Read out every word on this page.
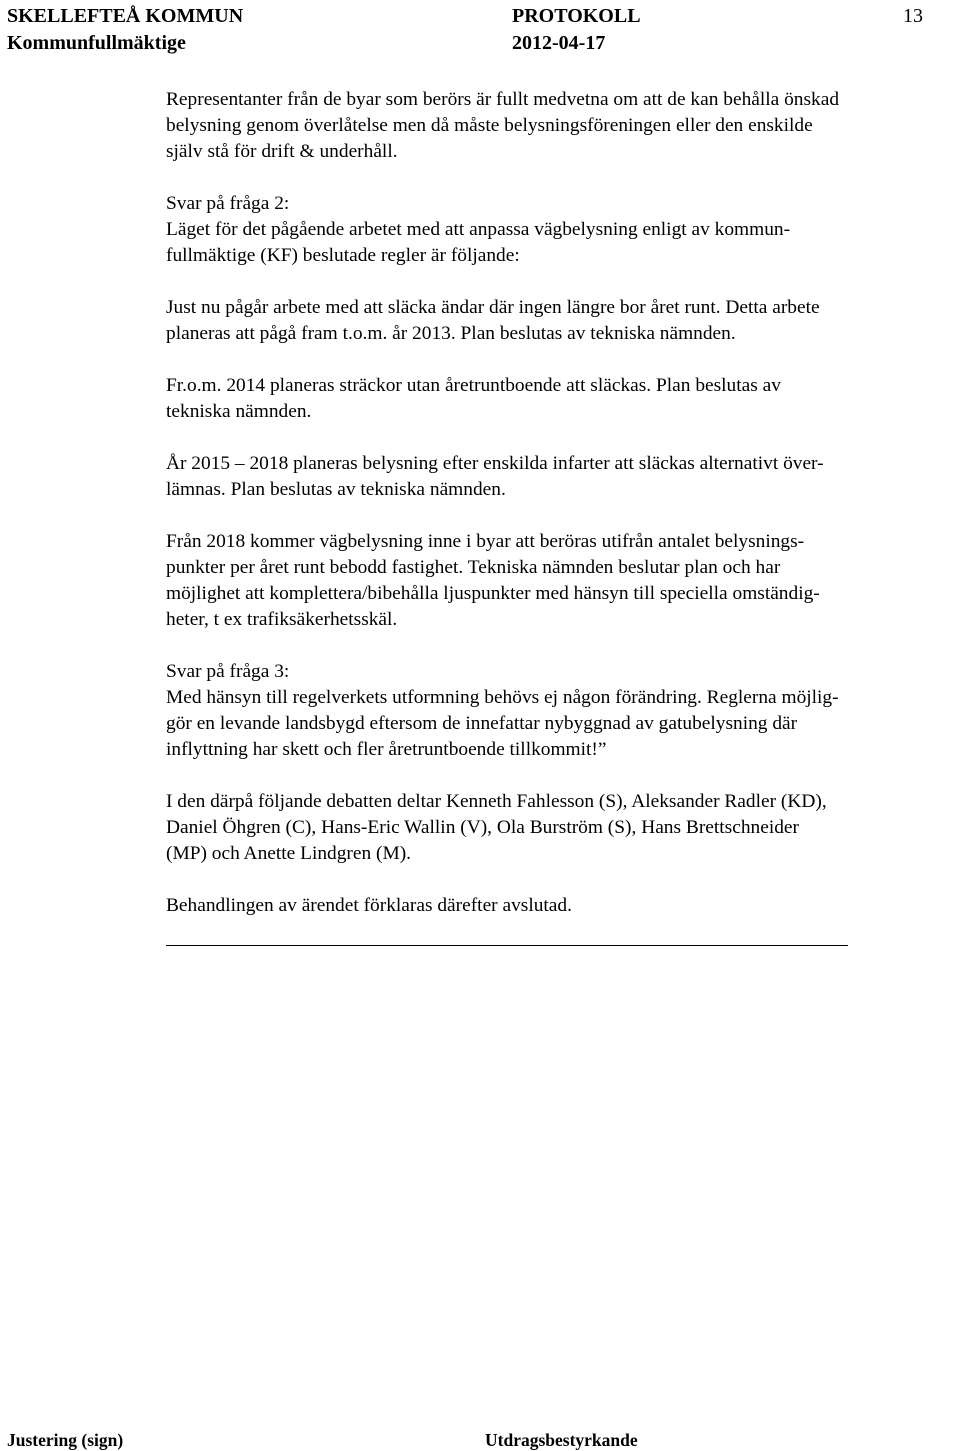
SKELLEFTEÅ KOMMUN	PROTOKOLL	13
Kommunfullmäktige	2012-04-17

Representanter från de byar som berörs är fullt medvetna om att de kan behålla önskad
belysning genom överlåtelse men då måste belysningsföreningen eller den enskilde
själv stå för drift & underhåll.

Svar på fråga 2:
Läget för det pågående arbetet med att anpassa vägbelysning enligt av kommun-
fullmäktige (KF) beslutade regler är följande:

Just nu pågår arbete med att släcka ändar där ingen längre bor året runt. Detta arbete
planeras att pågå fram t.o.m. år 2013. Plan beslutas av tekniska nämnden.

Fr.o.m. 2014 planeras sträckor utan åretruntboende att släckas. Plan beslutas av
tekniska nämnden.

År 2015 – 2018 planeras belysning efter enskilda infarter att släckas alternativt över-
lämnas. Plan beslutas av tekniska nämnden.

Från 2018 kommer vägbelysning inne i byar att beröras utifrån antalet belysnings-
punkter per året runt bebodd fastighet. Tekniska nämnden beslutar plan och har
möjlighet att komplettera/bibehålla ljuspunkter med hänsyn till speciella omständig-
heter, t ex trafiksäkerhetsskäl.

Svar på fråga 3:
Med hänsyn till regelverkets utformning behövs ej någon förändring. Reglerna möjlig-
gör en levande landsbygd eftersom de innefattar nybyggnad av gatubelysning där
inflyttning har skett och fler åretruntboende tillkommit!”

I den därpå följande debatten deltar Kenneth Fahlesson (S), Aleksander Radler (KD),
Daniel Öhgren (C), Hans-Eric Wallin (V), Ola Burström (S), Hans Brettschneider
(MP) och Anette Lindgren (M).

Behandlingen av ärendet förklaras därefter avslutad.

Justering (sign)	Utdragsbestyrkande
